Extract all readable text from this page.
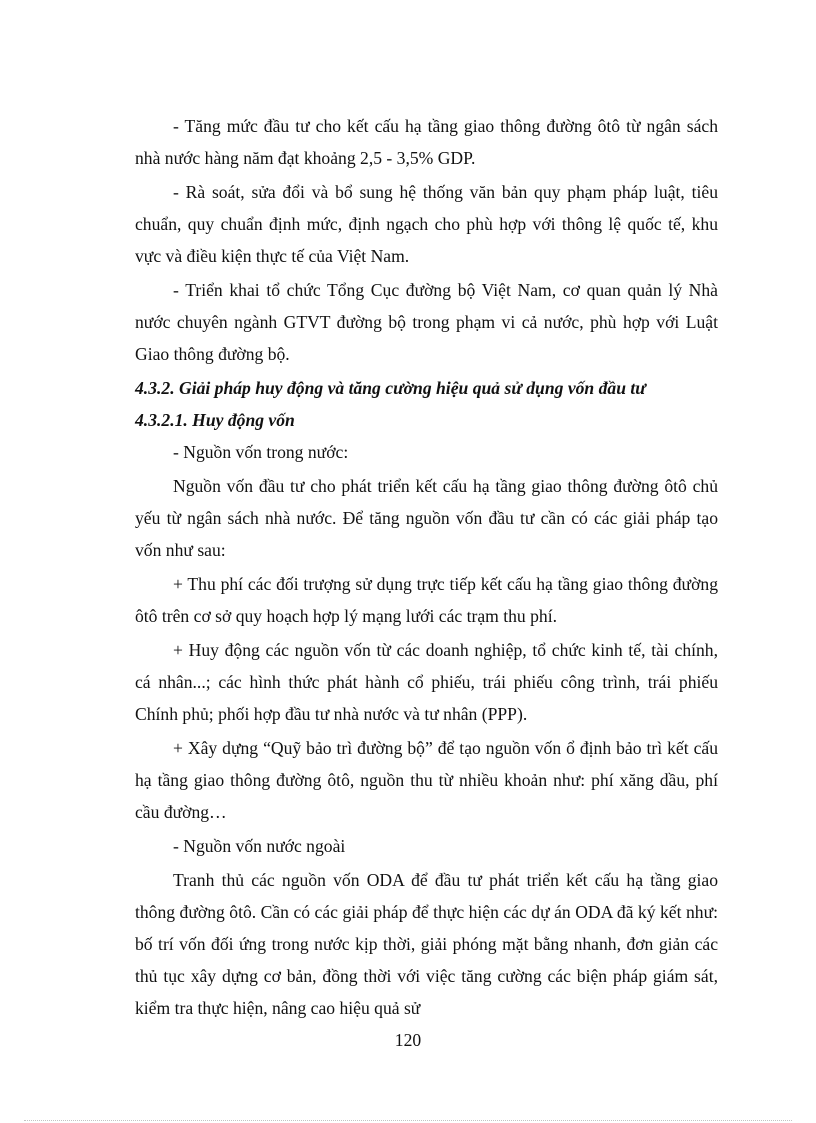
- Tăng mức đầu tư cho kết cấu hạ tầng giao thông đường ôtô từ ngân sách nhà nước hàng năm đạt khoảng 2,5 - 3,5% GDP.

- Rà soát, sửa đổi và bổ sung hệ thống văn bản quy phạm pháp luật, tiêu chuẩn, quy chuẩn định mức, định ngạch cho phù hợp với thông lệ quốc tế, khu vực và điều kiện thực tế của Việt Nam.

- Triển khai tổ chức Tổng Cục đường bộ Việt Nam, cơ quan quản lý Nhà nước chuyên ngành GTVT đường bộ trong phạm vi cả nước, phù hợp với Luật Giao thông đường bộ.

4.3.2. Giải pháp huy động và tăng cường hiệu quả sử dụng vốn đầu tư

4.3.2.1. Huy động vốn

- Nguồn vốn trong nước:

Nguồn vốn đầu tư cho phát triển kết cấu hạ tầng giao thông đường ôtô chủ yếu từ ngân sách nhà nước. Để tăng nguồn vốn đầu tư cần có các giải pháp tạo vốn như sau:

+ Thu phí các đối trượng sử dụng trực tiếp kết cấu hạ tầng giao thông đường ôtô trên cơ sở quy hoạch hợp lý mạng lưới các trạm thu phí.

+ Huy động các nguồn vốn từ các doanh nghiệp, tổ chức kinh tế, tài chính, cá nhân...; các hình thức phát hành cổ phiếu, trái phiếu công trình, trái phiếu Chính phủ; phối hợp đầu tư nhà nước và tư nhân (PPP).

+ Xây dựng “Quỹ bảo trì đường bộ” để tạo nguồn vốn ổ định bảo trì kết cấu hạ tầng giao thông đường ôtô, nguồn thu từ nhiều khoản như: phí xăng dầu, phí cầu đường…

- Nguồn vốn nước ngoài

Tranh thủ các nguồn vốn ODA để đầu tư phát triển kết cấu hạ tầng giao thông đường ôtô. Cần có các giải pháp để thực hiện các dự án ODA đã ký kết như: bố trí vốn đối ứng trong nước kịp thời, giải phóng mặt bằng nhanh, đơn giản các thủ tục xây dựng cơ bản, đồng thời với việc tăng cường các biện pháp giám sát, kiểm tra thực hiện, nâng cao hiệu quả sử

120
